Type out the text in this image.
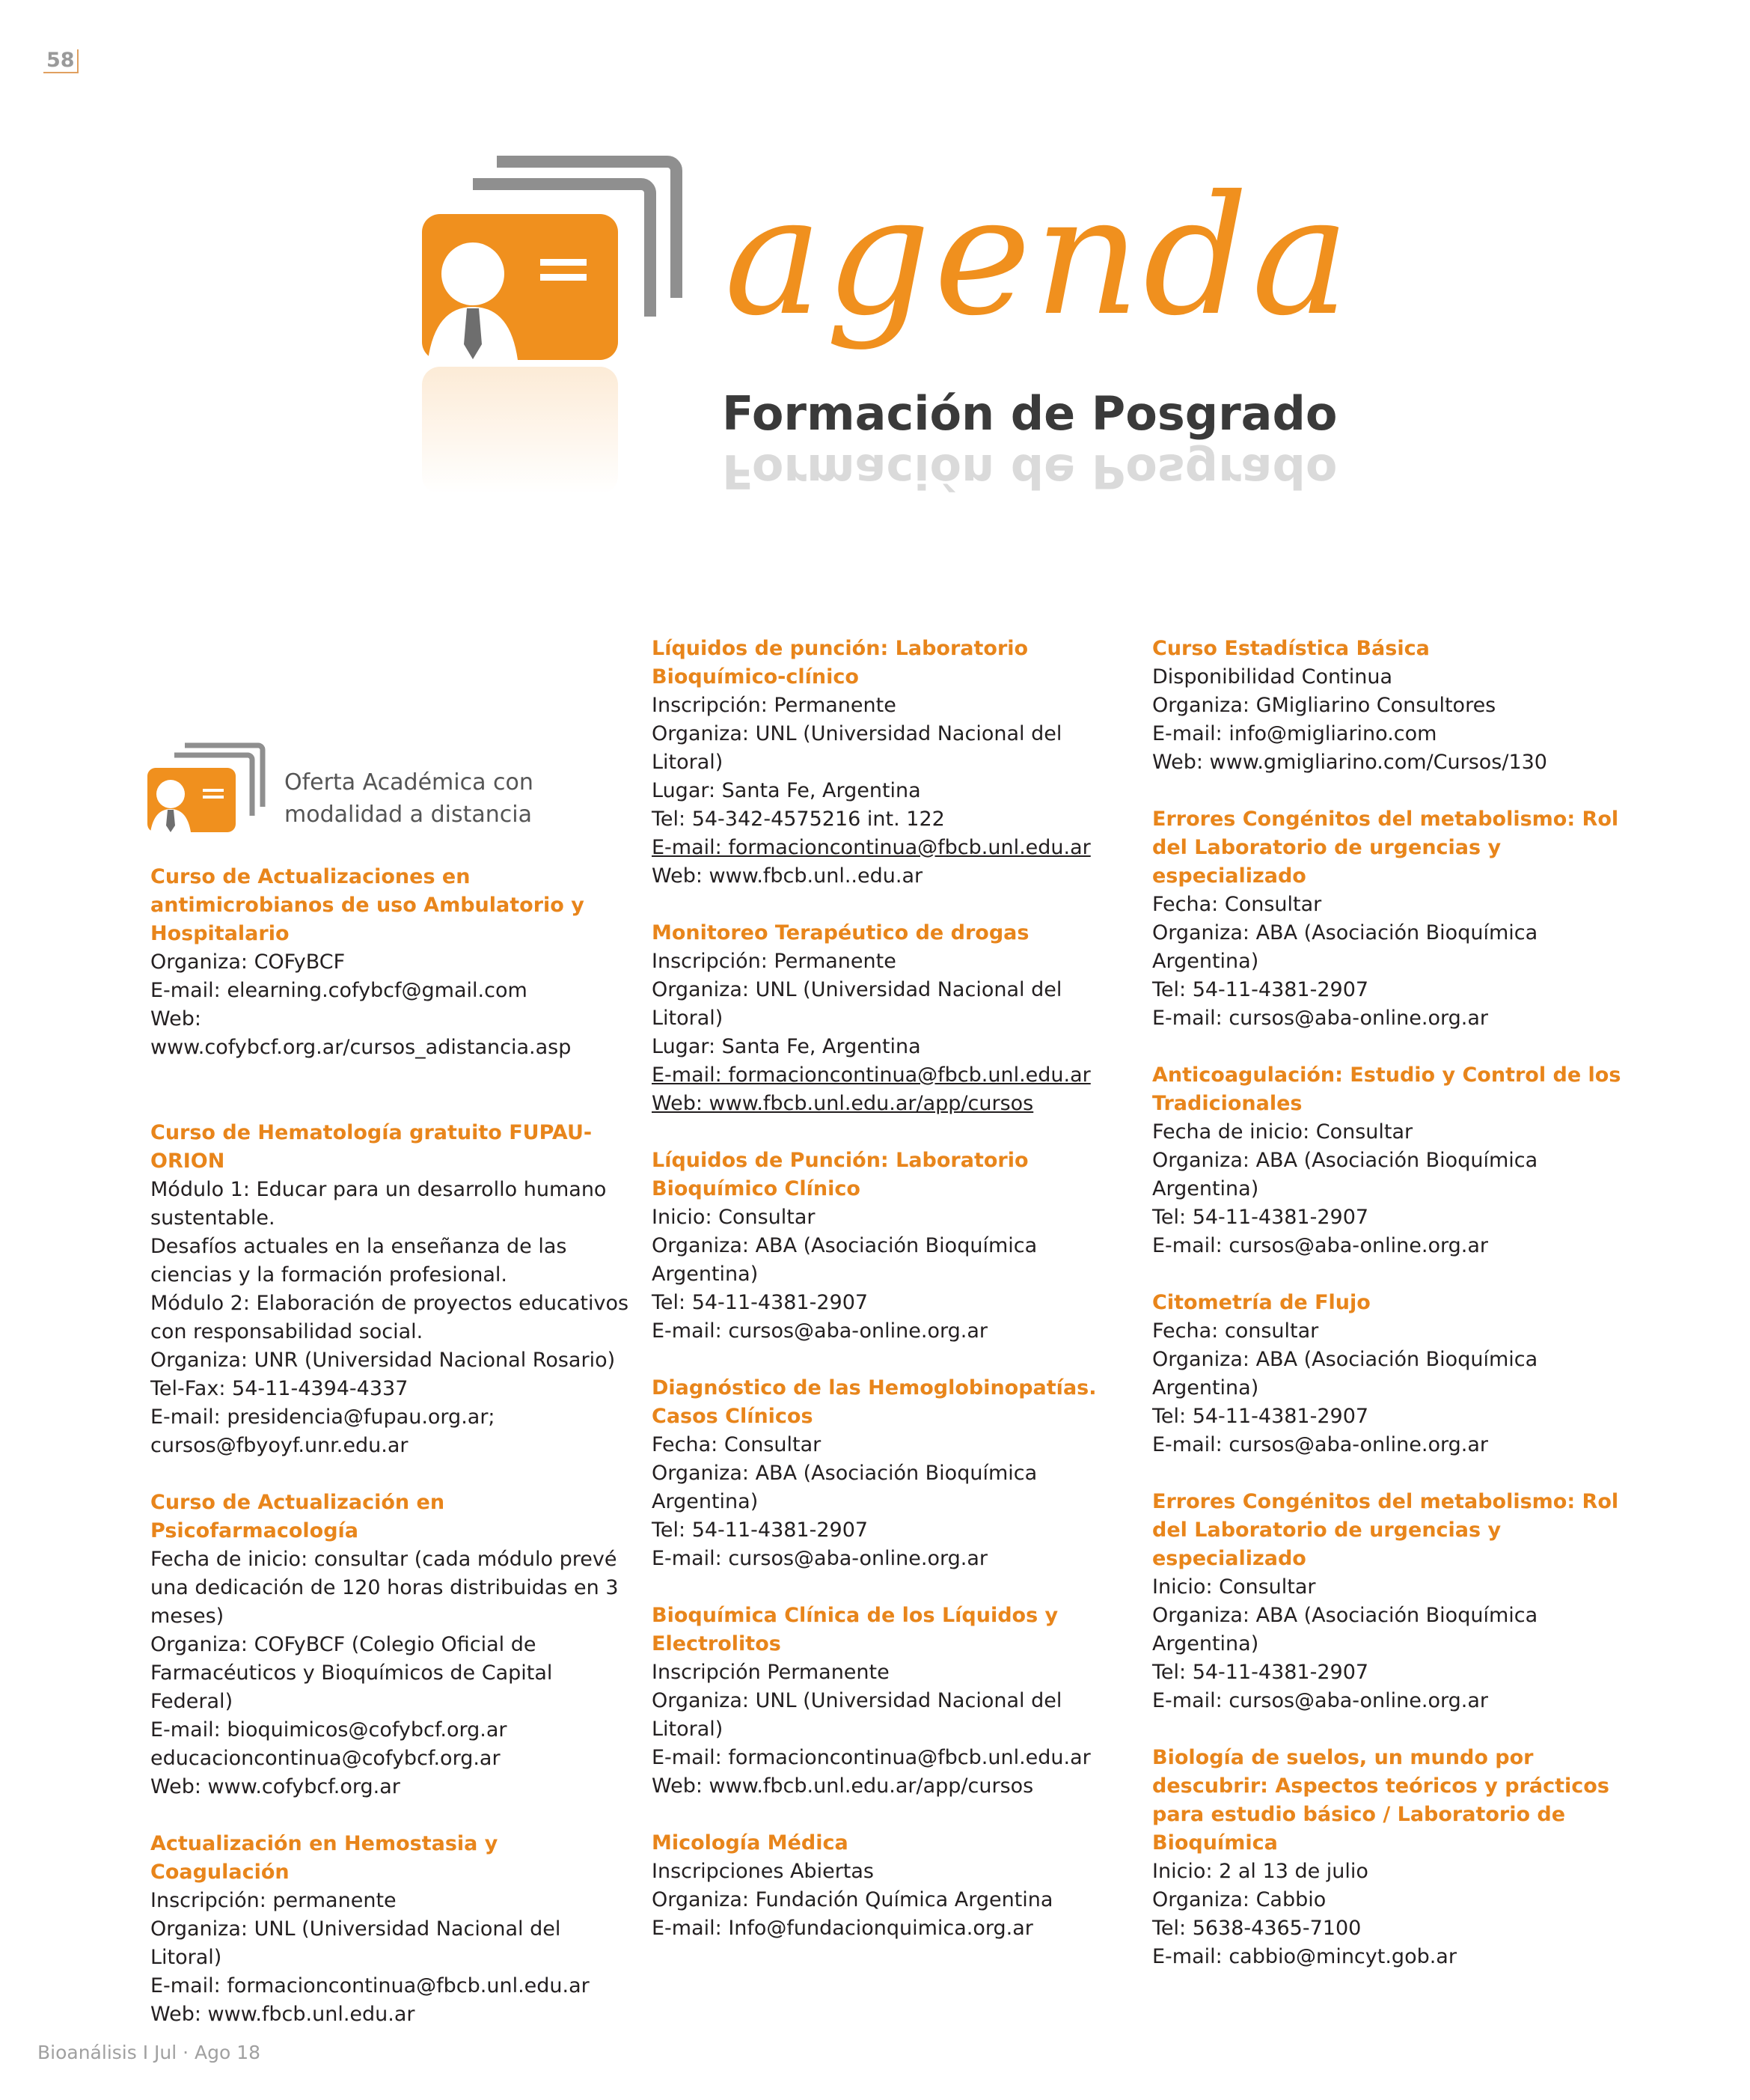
58
agenda
Formación de Posgrado
Formación de Posgrado
Oferta Académica con modalidad a distancia
Curso de Actualizaciones en antimicrobianos de uso Ambulatorio y Hospitalario

Organiza: COFyBCF

E-mail: elearning.cofybcf@gmail.com

Web:

www.cofybcf.org.ar/cursos_adistancia.asp

Curso de Hematología gratuito FUPAU-ORION

Módulo 1: Educar para un desarrollo humano sustentable.

Desafíos actuales en la enseñanza de las ciencias y la formación profesional.

Módulo 2: Elaboración de proyectos educativos con responsabilidad social.

Organiza: UNR (Universidad Nacional Rosario)

Tel-Fax: 54-11-4394-4337

E-mail: presidencia@fupau.org.ar;

cursos@fbyoyf.unr.edu.ar

Curso de Actualización en Psicofarmacología

Fecha de inicio: consultar (cada módulo prevé una dedicación de 120 horas distribuidas en 3 meses)

Organiza: COFyBCF (Colegio Oficial de Farmacéuticos y Bioquímicos de Capital Federal)

E-mail: bioquimicos@cofybcf.org.ar

educacioncontinua@cofybcf.org.ar

Web: www.cofybcf.org.ar

Actualización en Hemostasia y Coagulación

Inscripción: permanente

Organiza: UNL (Universidad Nacional del Litoral)

E-mail: formacioncontinua@fbcb.unl.edu.ar

Web: www.fbcb.unl.edu.ar

Líquidos de punción: Laboratorio Bioquímico-clínico

Inscripción: Permanente

Organiza: UNL (Universidad Nacional del Litoral)

Lugar: Santa Fe, Argentina

Tel: 54-342-4575216 int. 122

E-mail: formacioncontinua@fbcb.unl.edu.ar

Web: www.fbcb.unl..edu.ar

Monitoreo Terapéutico de drogas

Inscripción: Permanente

Organiza: UNL (Universidad Nacional del Litoral)

Lugar: Santa Fe, Argentina

E-mail: formacioncontinua@fbcb.unl.edu.ar

Web: www.fbcb.unl.edu.ar/app/cursos

Líquidos de Punción: Laboratorio Bioquímico Clínico

Inicio: Consultar

Organiza: ABA (Asociación Bioquímica Argentina)

Tel: 54-11-4381-2907

E-mail: cursos@aba-online.org.ar

Diagnóstico de las Hemoglobinopatías. Casos Clínicos

Fecha: Consultar

Organiza: ABA (Asociación Bioquímica Argentina)

Tel: 54-11-4381-2907

E-mail: cursos@aba-online.org.ar

Bioquímica Clínica de los Líquidos y Electrolitos

Inscripción Permanente

Organiza: UNL (Universidad Nacional del Litoral)

E-mail: formacioncontinua@fbcb.unl.edu.ar

Web: www.fbcb.unl.edu.ar/app/cursos

Micología Médica

Inscripciones Abiertas

Organiza: Fundación Química Argentina

E-mail: Info@fundacionquimica.org.ar

Curso Estadística Básica

Disponibilidad Continua

Organiza: GMigliarino Consultores

E-mail: info@migliarino.com

Web: www.gmigliarino.com/Cursos/130

Errores Congénitos del metabolismo: Rol del Laboratorio de urgencias y especializado

Fecha: Consultar

Organiza: ABA (Asociación Bioquímica Argentina)

Tel: 54-11-4381-2907

E-mail: cursos@aba-online.org.ar

Anticoagulación: Estudio y Control de los Tradicionales

Fecha de inicio: Consultar

Organiza: ABA (Asociación Bioquímica Argentina)

Tel: 54-11-4381-2907

E-mail: cursos@aba-online.org.ar

Citometría de Flujo

Fecha: consultar

Organiza: ABA (Asociación Bioquímica Argentina)

Tel: 54-11-4381-2907

E-mail: cursos@aba-online.org.ar

Errores Congénitos del metabolismo: Rol del Laboratorio de urgencias y especializado

Inicio: Consultar

Organiza: ABA (Asociación Bioquímica Argentina)

Tel: 54-11-4381-2907

E-mail: cursos@aba-online.org.ar

Biología de suelos, un mundo por descubrir: Aspectos teóricos y prácticos para estudio básico / Laboratorio de Bioquímica

Inicio: 2 al 13 de julio

Organiza: Cabbio

Tel: 5638-4365-7100

E-mail: cabbio@mincyt.gob.ar

Bioanálisis I Jul · Ago 18
